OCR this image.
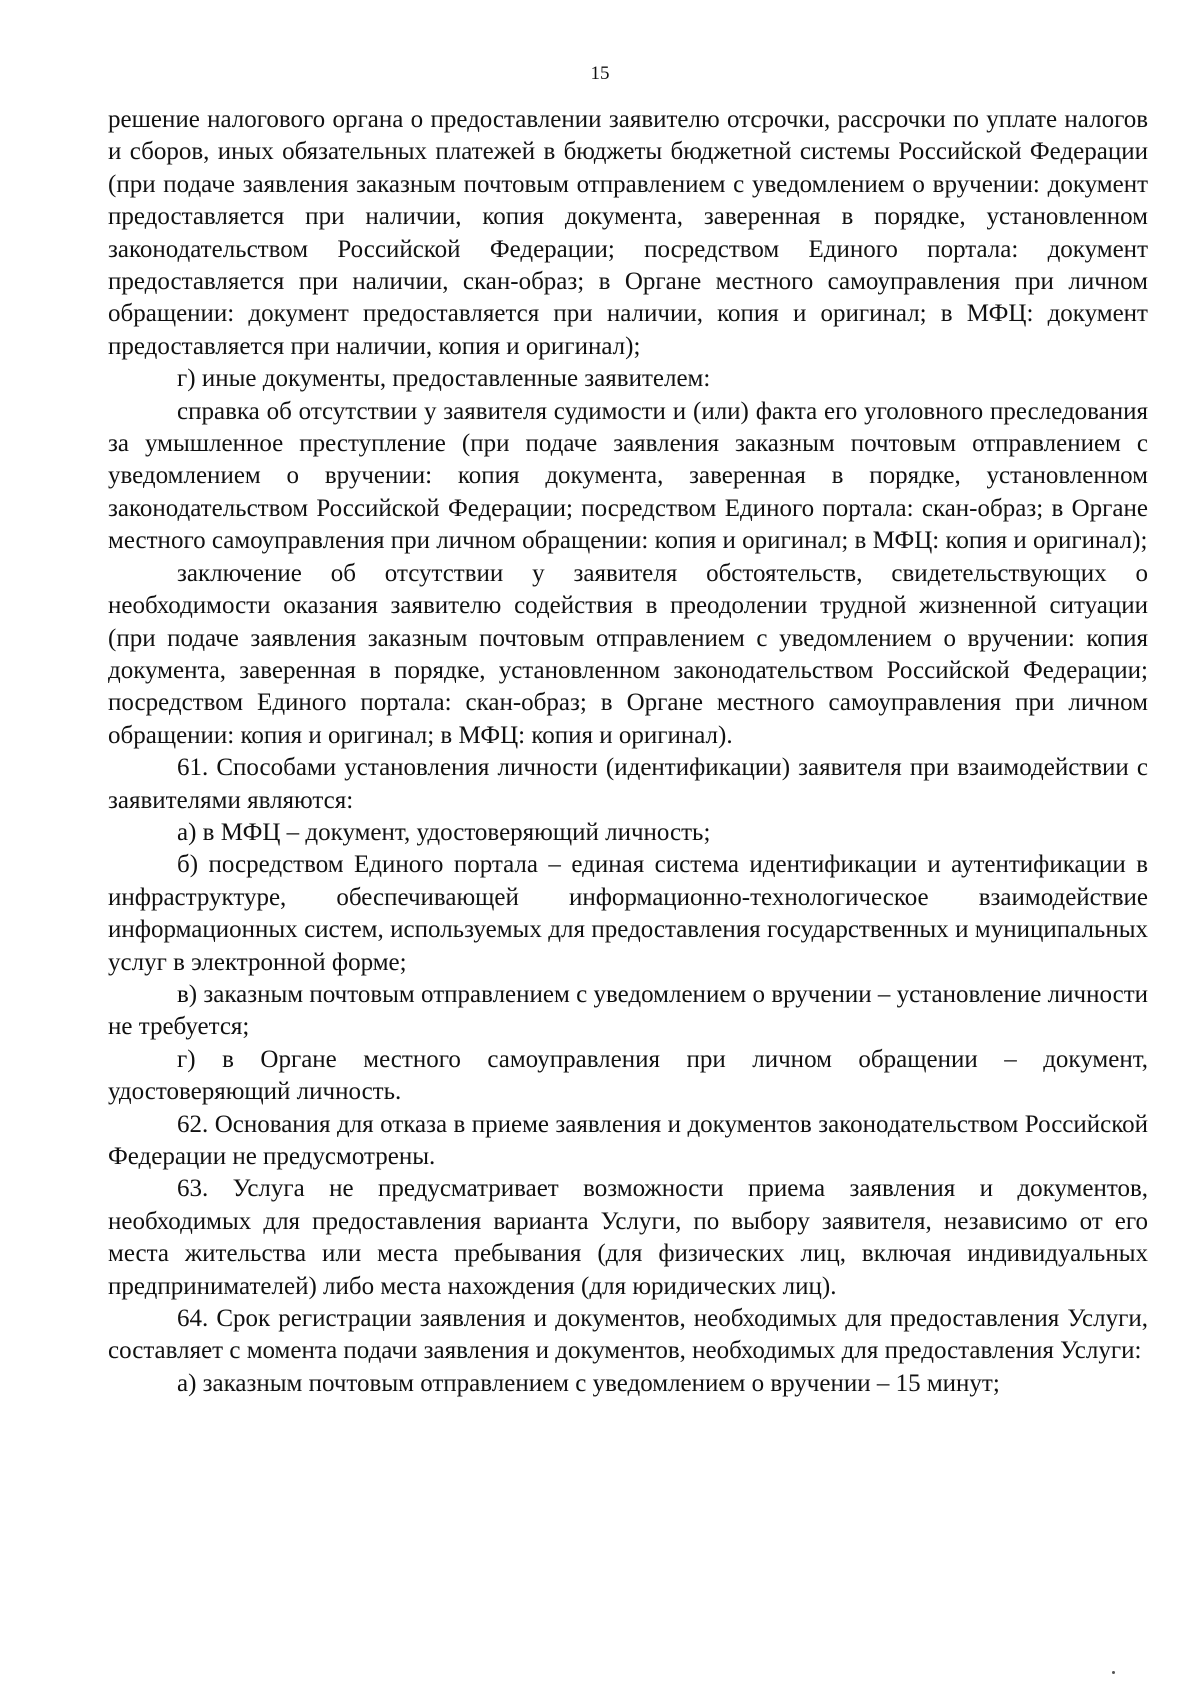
15

решение налогового органа о предоставлении заявителю отсрочки, рассрочки по уплате налогов и сборов, иных обязательных платежей в бюджеты бюджетной системы Российской Федерации (при подаче заявления заказным почтовым отправлением с уведомлением о вручении: документ предоставляется при наличии, копия документа, заверенная в порядке, установленном законодательством Российской Федерации; посредством Единого портала: документ предоставляется при наличии, скан-образ; в Органе местного самоуправления при личном обращении: документ предоставляется при наличии, копия и оригинал; в МФЦ: документ предоставляется при наличии, копия и оригинал);

г) иные документы, предоставленные заявителем:

справка об отсутствии у заявителя судимости и (или) факта его уголовного преследования за умышленное преступление (при подаче заявления заказным почтовым отправлением с уведомлением о вручении: копия документа, заверенная в порядке, установленном законодательством Российской Федерации; посредством Единого портала: скан-образ; в Органе местного самоуправления при личном обращении: копия и оригинал; в МФЦ: копия и оригинал);

заключение об отсутствии у заявителя обстоятельств, свидетельствующих о необходимости оказания заявителю содействия в преодолении трудной жизненной ситуации (при подаче заявления заказным почтовым отправлением с уведомлением о вручении: копия документа, заверенная в порядке, установленном законодательством Российской Федерации; посредством Единого портала: скан-образ; в Органе местного самоуправления при личном обращении: копия и оригинал; в МФЦ: копия и оригинал).

61. Способами установления личности (идентификации) заявителя при взаимодействии с заявителями являются:

а) в МФЦ – документ, удостоверяющий личность;

б) посредством Единого портала – единая система идентификации и аутентификации в инфраструктуре, обеспечивающей информационно-технологическое взаимодействие информационных систем, используемых для предоставления государственных и муниципальных услуг в электронной форме;

в) заказным почтовым отправлением с уведомлением о вручении – установление личности не требуется;

г) в Органе местного самоуправления при личном обращении – документ, удостоверяющий личность.

62. Основания для отказа в приеме заявления и документов законодательством Российской Федерации не предусмотрены.

63. Услуга не предусматривает возможности приема заявления и документов, необходимых для предоставления варианта Услуги, по выбору заявителя, независимо от его места жительства или места пребывания (для физических лиц, включая индивидуальных предпринимателей) либо места нахождения (для юридических лиц).

64. Срок регистрации заявления и документов, необходимых для предоставления Услуги, составляет с момента подачи заявления и документов, необходимых для предоставления Услуги:

а) заказным почтовым отправлением с уведомлением о вручении – 15 минут;
